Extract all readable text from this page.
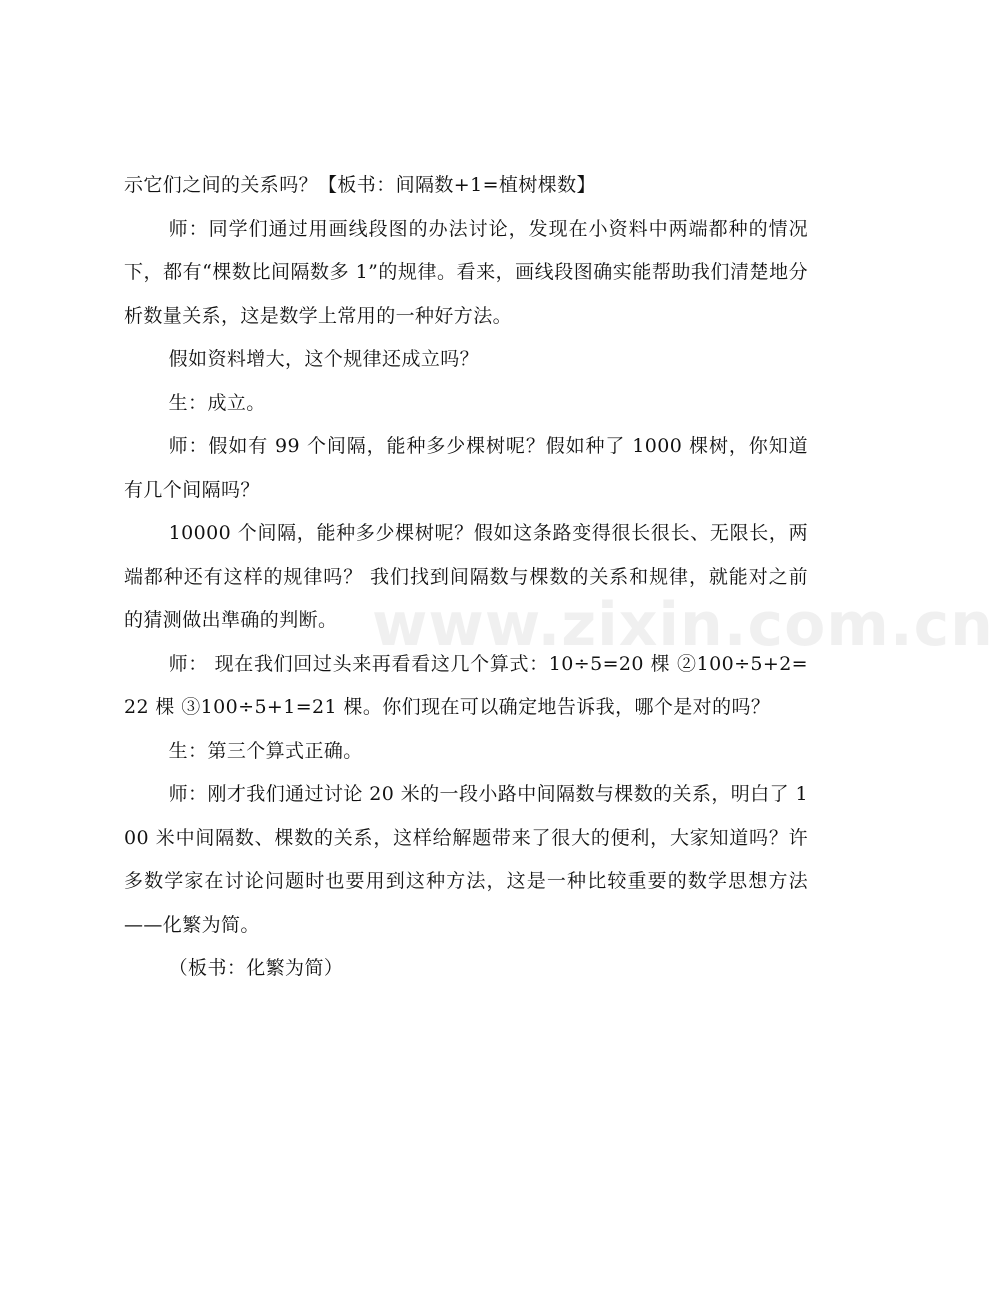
示它们之间的关系吗？【板书：间隔数+1=植树棵数】

师：同学们通过用画线段图的办法讨论，发现在小资料中两端都种的情况下，都有“棵数比间隔数多 1”的规律。看来，画线段图确实能帮助我们清楚地分析数量关系，这是数学上常用的一种好方法。

假如资料增大，这个规律还成立吗？

生：成立。

师：假如有 99 个间隔，能种多少棵树呢？假如种了 1000 棵树，你知道有几个间隔吗？

10000 个间隔，能种多少棵树呢？假如这条路变得很长很长、无限长，两端都种还有这样的规律吗？ 我们找到间隔数与棵数的关系和规律，就能对之前的猜测做出準确的判断。

师： 现在我们回过头来再看看这几个算式：10÷5=20 棵 ②100÷5+2=22 棵 ③100÷5+1=21 棵。你们现在可以确定地告诉我，哪个是对的吗？

生：第三个算式正确。

师：刚才我们通过讨论 20 米的一段小路中间隔数与棵数的关系，明白了 100 米中间隔数、棵数的关系，这样给解题带来了很大的便利，大家知道吗？许多数学家在讨论问题时也要用到这种方法，这是一种比较重要的数学思想方法——化繁为简。

（板书：化繁为简）

www.zixin.com.cn
